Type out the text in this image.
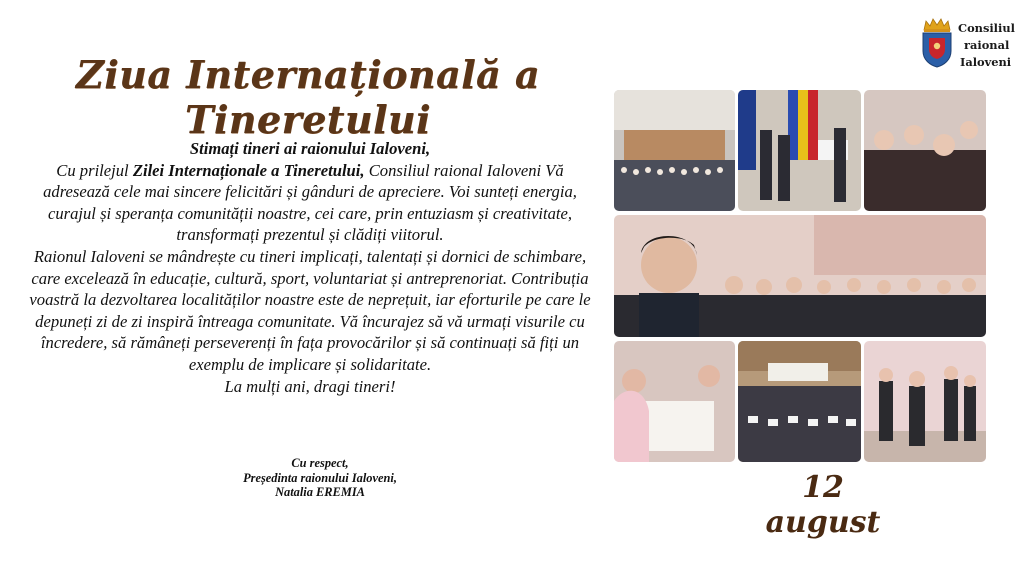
Ziua Internațională a Tineretului

Stimați tineri ai raionului Ialoveni,

Cu prilejul Zilei Internaționale a Tineretului, Consiliul raional Ialoveni Vă adresează cele mai sincere felicitări și gânduri de apreciere. Voi sunteți energia, curajul și speranța comunității noastre, cei care, prin entuziasm și creativitate, transformați prezentul și clădiți viitorul.

Raionul Ialoveni se mândrește cu tineri implicați, talentați și dornici de schimbare, care excelează în educație, cultură, sport, voluntariat și antreprenoriat. Contribuția voastră la dezvoltarea localităților noastre este de neprețuit, iar eforturile pe care le depuneți zi de zi inspiră întreaga comunitate. Vă încurajez să vă urmați visurile cu încredere, să rămâneți perseverenți în fața provocărilor și să continuați să fiți un exemplu de implicare și solidaritate.

La mulți ani, dragi tineri!

Cu respect,
Președinta raionului Ialoveni,
Natalia EREMIA
Consiliul
raional
Ialoveni
12 august
